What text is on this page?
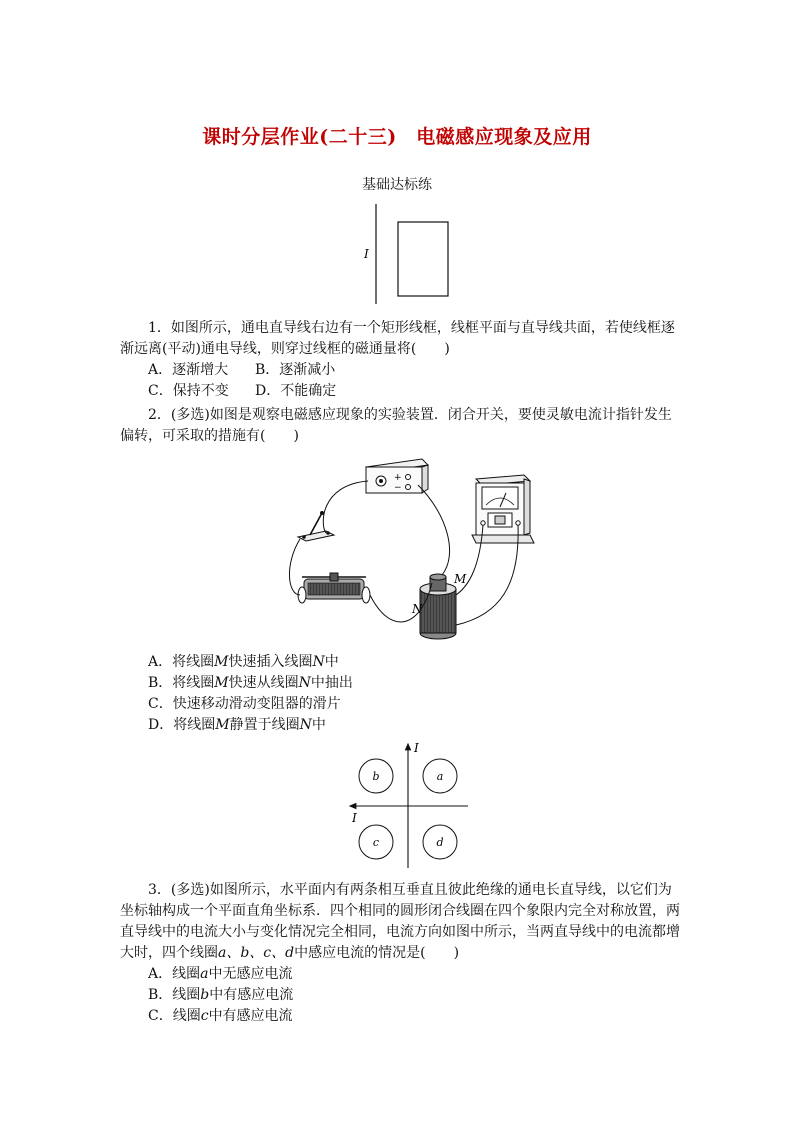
课时分层作业(二十三)　电磁感应现象及应用
基础达标练
I
1．如图所示，通电直导线右边有一个矩形线框，线框平面与直导线共面，若使线框逐
渐远离(平动)通电导线，则穿过线框的磁通量将(　　)
A．逐渐增大 B．逐渐减小
C．保持不变 D．不能确定
2．(多选)如图是观察电磁感应现象的实验装置．闭合开关，要使灵敏电流计指针发生
偏转，可采取的措施有(　　)
+
−
M
N
A．将线圈M快速插入线圈N中
B．将线圈M快速从线圈N中抽出
C．快速移动滑动变阻器的滑片
D．将线圈M静置于线圈N中
I
I
a
b
c	d
3．(多选)如图所示，水平面内有两条相互垂直且彼此绝缘的通电长直导线，以它们为
坐标轴构成一个平面直角坐标系．四个相同的圆形闭合线圈在四个象限内完全对称放置，两
直导线中的电流大小与变化情况完全相同，电流方向如图中所示，当两直导线中的电流都增
大时，四个线圈a、b、c、d中感应电流的情况是(　　)
A．线圈a中无感应电流
B．线圈b中有感应电流
C．线圈c中有感应电流
